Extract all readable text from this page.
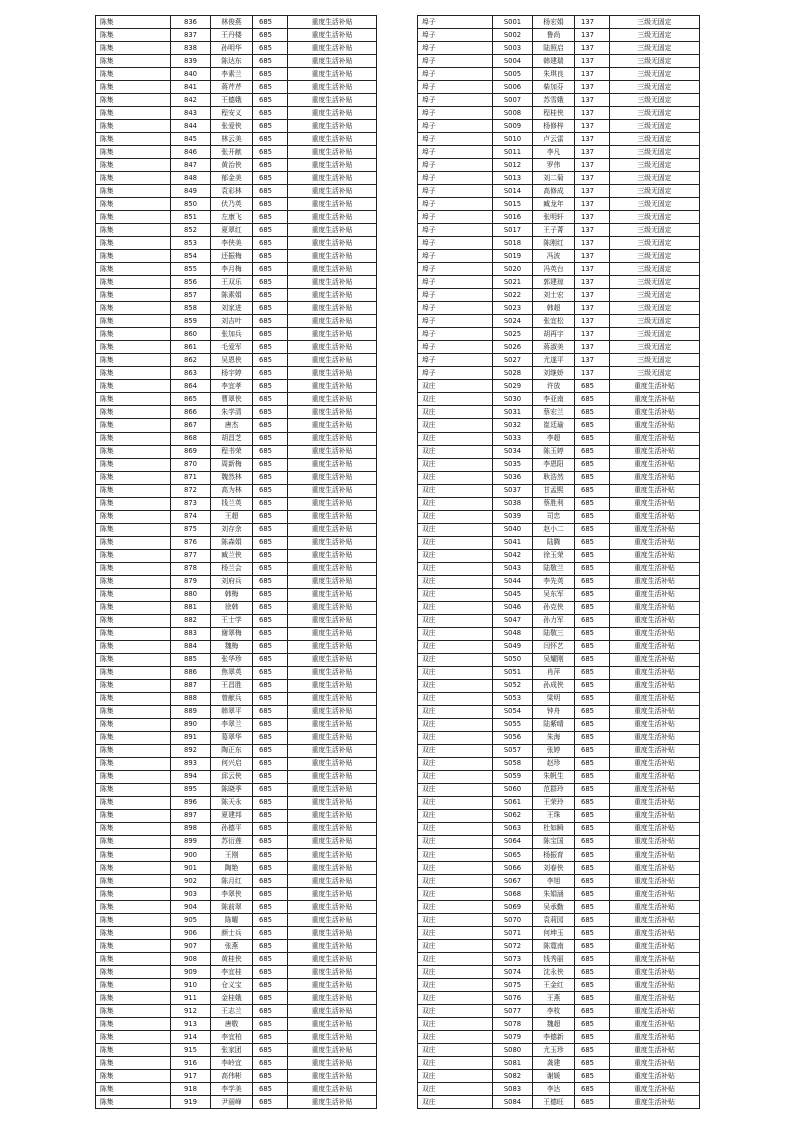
陈集	836	林俊燕	685	重度生活补贴
陈集	837	王丹楼	685	重度生活补贴
陈集	838	孙明华	685	重度生活补贴
陈集	839	陈达东	685	重度生活补贴
陈集	840	李素兰	685	重度生活补贴
陈集	841	蒋芹芹	685	重度生活补贴
陈集	842	王德娥	685	重度生活补贴
陈集	843	程安义	685	重度生活补贴
陈集	844	张爱侠	685	重度生活补贴
陈集	845	林云美	685	重度生活补贴
陈集	846	张开献	685	重度生活补贴
陈集	847	黄治侠	685	重度生活补贴
陈集	848	郁金美	685	重度生活补贴
陈集	849	袁彩林	685	重度生活补贴
陈集	850	伏乃英	685	重度生活补贴
陈集	851	左康飞	685	重度生活补贴
陈集	852	夏翠红	685	重度生活补贴
陈集	853	李侠美	685	重度生活补贴
陈集	854	还振梅	685	重度生活补贴
陈集	855	李月梅	685	重度生活补贴
陈集	856	王双乐	685	重度生活补贴
陈集	857	陈素娟	685	重度生活补贴
陈集	858	刘家进	685	重度生活补贴
陈集	859	刘吉叶	685	重度生活补贴
陈集	860	张加兵	685	重度生活补贴
陈集	861	毛爱军	685	重度生活补贴
陈集	862	吴恩侠	685	重度生活补贴
陈集	863	杨宇婷	685	重度生活补贴
陈集	864	李宜孝	685	重度生活补贴
陈集	865	曹翠侠	685	重度生活补贴
陈集	866	朱学清	685	重度生活补贴
陈集	867	唐杰	685	重度生活补贴
陈集	868	胡昌芝	685	重度生活补贴
陈集	869	程书荣	685	重度生活补贴
陈集	870	周新梅	685	重度生活补贴
陈集	871	魏然林	685	重度生活补贴
陈集	872	高为林	685	重度生活补贴
陈集	873	钱兰英	685	重度生活补贴
陈集	874	王超	685	重度生活补贴
陈集	875	刘存余	685	重度生活补贴
陈集	876	陈森娟	685	重度生活补贴
陈集	877	臧兰侠	685	重度生活补贴
陈集	878	杨兰会	685	重度生活补贴
陈集	879	刘府兵	685	重度生活补贴
陈集	880	韩梅	685	重度生活补贴
陈集	881	徐韩	685	重度生活补贴
陈集	882	王士学	685	重度生活补贴
陈集	883	谢翠梅	685	重度生活补贴
陈集	884	魏梅	685	重度生活补贴
陈集	885	张华珍	685	重度生活补贴
陈集	886	焦翠英	685	重度生活补贴
陈集	887	王昌胜	685	重度生活补贴
陈集	888	曾献兵	685	重度生活补贴
陈集	889	韩翠平	685	重度生活补贴
陈集	890	李翠兰	685	重度生活补贴
陈集	891	葛翠华	685	重度生活补贴
陈集	892	陶正东	685	重度生活补贴
陈集	893	何兴启	685	重度生活补贴
陈集	894	邱云侠	685	重度生活补贴
陈集	895	陈晓季	685	重度生活补贴
陈集	896	陈天永	685	重度生活补贴
陈集	897	夏建邦	685	重度生活补贴
陈集	898	孙德平	685	重度生活补贴
陈集	899	苏衍莲	685	重度生活补贴
陈集	900	王刚	685	重度生活补贴
陈集	901	陶艳	685	重度生活补贴
陈集	902	陈月红	685	重度生活补贴
陈集	903	李翠侠	685	重度生活补贴
陈集	904	陈前翠	685	重度生活补贴
陈集	905	陈曜	685	重度生活补贴
陈集	906	颜士兵	685	重度生活补贴
陈集	907	张燕	685	重度生活补贴
陈集	908	黄桂侠	685	重度生活补贴
陈集	909	李宜桂	685	重度生活补贴
陈集	910	仓义宝	685	重度生活补贴
陈集	911	金桂娥	685	重度生活补贴
陈集	912	王志兰	685	重度生活补贴
陈集	913	唐敬	685	重度生活补贴
陈集	914	李宜柏	685	重度生活补贴
陈集	915	张家团	685	重度生活补贴
陈集	916	李岭宜	685	重度生活补贴
陈集	917	高伟彬	685	重度生活补贴
陈集	918	李学美	685	重度生活补贴
陈集	919	尹丽峰	685	重度生活补贴
埠子	S001	杨宏娟	137	三级无固定
埠子	S002	鲁尚	137	三级无固定
埠子	S003	陆照启	137	三级无固定
埠子	S004	韩建瑞	137	三级无固定
埠子	S005	朱琪良	137	三级无固定
埠子	S006	柴加芬	137	三级无固定
埠子	S007	苏雪娥	137	三级无固定
埠子	S008	程桂侠	137	三级无固定
埠子	S009	杨修梓	137	三级无固定
埠子	S010	卢云雷	137	三级无固定
埠子	S011	李凡	137	三级无固定
埠子	S012	罗伟	137	三级无固定
埠子	S013	刘二菊	137	三级无固定
埠子	S014	高修成	137	三级无固定
埠子	S015	臧龙年	137	三级无固定
埠子	S016	张明轩	137	三级无固定
埠子	S017	王子菁	137	三级无固定
埠子	S018	陈刚红	137	三级无固定
埠子	S019	冯波	137	三级无固定
埠子	S020	冯英台	137	三级无固定
埠子	S021	郭建琼	137	三级无固定
埠子	S022	刘士宏	137	三级无固定
埠子	S023	韩超	137	三级无固定
埠子	S024	张宜松	137	三级无固定
埠子	S025	胡再宇	137	三级无固定
埠子	S026	蒋淑美	137	三级无固定
埠子	S027	尤遂平	137	三级无固定
埠子	S028	刘继娇	137	三级无固定
双庄	S029	许放	685	重度生活补贴
双庄	S030	李亚南	685	重度生活补贴
双庄	S031	蔡宏兰	685	重度生活补贴
双庄	S032	崔廷瑜	685	重度生活补贴
双庄	S033	李超	685	重度生活补贴
双庄	S034	陈玉婷	685	重度生活补贴
双庄	S035	李恩阳	685	重度生活补贴
双庄	S036	耿浩然	685	重度生活补贴
双庄	S037	甘孟熙	685	重度生活补贴
双庄	S038	蔡胜利	685	重度生活补贴
双庄	S039	司忠	685	重度生活补贴
双庄	S040	赵小二	685	重度生活补贴
双庄	S041	陆腾	685	重度生活补贴
双庄	S042	徐玉荣	685	重度生活补贴
双庄	S043	陆敬兰	685	重度生活补贴
双庄	S044	李先英	685	重度生活补贴
双庄	S045	吴东军	685	重度生活补贴
双庄	S046	孙克侠	685	重度生活补贴
双庄	S047	孙力军	685	重度生活补贴
双庄	S048	陆敬三	685	重度生活补贴
双庄	S049	闫怀艺	685	重度生活补贴
双庄	S050	吴耀刚	685	重度生活补贴
双庄	S051	肖萍	685	重度生活补贴
双庄	S052	孙成侠	685	重度生活补贴
双庄	S053	梁明	685	重度生活补贴
双庄	S054	钟舟	685	重度生活补贴
双庄	S055	陆紫晴	685	重度生活补贴
双庄	S056	朱海	685	重度生活补贴
双庄	S057	张婷	685	重度生活补贴
双庄	S058	赵珍	685	重度生活补贴
双庄	S059	朱帆生	685	重度生活补贴
双庄	S060	范群玲	685	重度生活补贴
双庄	S061	王荣玲	685	重度生活补贴
双庄	S062	王珠	685	重度生活补贴
双庄	S063	杜如瞬	685	重度生活补贴
双庄	S064	陈宝国	685	重度生活补贴
双庄	S065	杨振育	685	重度生活补贴
双庄	S066	刘春侠	685	重度生活补贴
双庄	S067	李旭	685	重度生活补贴
双庄	S068	朱娟涵	685	重度生活补贴
双庄	S069	吴承勤	685	重度生活补贴
双庄	S070	袁莉园	685	重度生活补贴
双庄	S071	何坤玉	685	重度生活补贴
双庄	S072	陈寛南	685	重度生活补贴
双庄	S073	钱秀丽	685	重度生活补贴
双庄	S074	沈永侠	685	重度生活补贴
双庄	S075	王金红	685	重度生活补贴
双庄	S076	王燕	685	重度生活补贴
双庄	S077	李枚	685	重度生活补贴
双庄	S078	魏超	685	重度生活补贴
双庄	S079	李德新	685	重度生活补贴
双庄	S080	尤玉珍	685	重度生活补贴
双庄	S081	龚建	685	重度生活补贴
双庄	S082	谢媛	685	重度生活补贴
双庄	S083	李达	685	重度生活补贴
双庄	S084	王德旺	685	重度生活补贴
